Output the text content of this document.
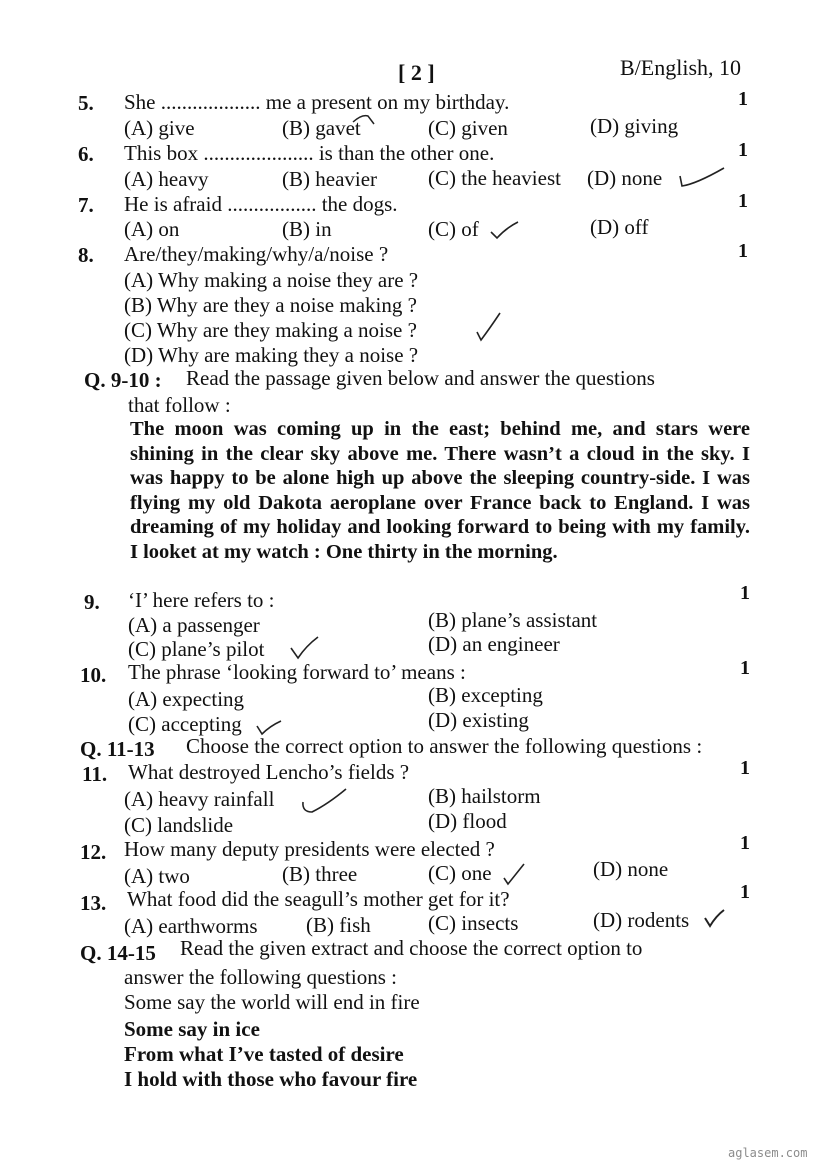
[ 2 ]	B/English, 10
5. She ................... me a present on my birthday.	1
(A) give	(B) gavet	(C) given	(D) giving
6. This box ..................... is than the other one.	1
(A) heavy	(B) heavier (C) the heaviest (D) none
7. He is afraid ................. the dogs.	1
(A) on	(B) in	(C) of	(D) off
8. Are/they/making/why/a/noise ?	1
(A) Why making a noise they are ?
(B) Why are they a noise making ?
(C) Why are they making a noise ?
(D) Why are making they a noise ?
Q. 9-10 : Read the passage given below and answer the questions
that follow :
The moon was coming up in the east; behind me, and stars were shining in the clear sky above me. There wasn’t a cloud in the sky. I was happy to be alone high up above the sleeping country-side. I was flying my old Dakota aeroplane over France back to England. I was dreaming of my holiday and looking forward to being with my family. I looket at my watch : One thirty in the morning.
9. ‘I’ here refers to :	1
(A) a passenger	(B) plane’s assistant
(C) plane’s pilot	(D) an engineer
10. The phrase ‘looking forward to’ means :	1
(A) expecting	(B) excepting
(C) accepting	(D) existing
Q. 11-13 Choose the correct option to answer the following questions :
11. What destroyed Lencho’s fields ?	1
(A) heavy rainfall	(B) hailstorm
(C) landslide	(D) flood
12. How many deputy presidents were elected ?	1
(A) two	(B) three	(C) one	(D) none
13. What food did the seagull’s mother get for it?	1
(A) earthworms (B) fish	(C) insects	(D) rodents
Q. 14-15 Read the given extract and choose the correct option to
answer the following questions :
Some say the world will end in fire
Some say in ice
From what I’ve tasted of desire
I hold with those who favour fire
aglasem.com
